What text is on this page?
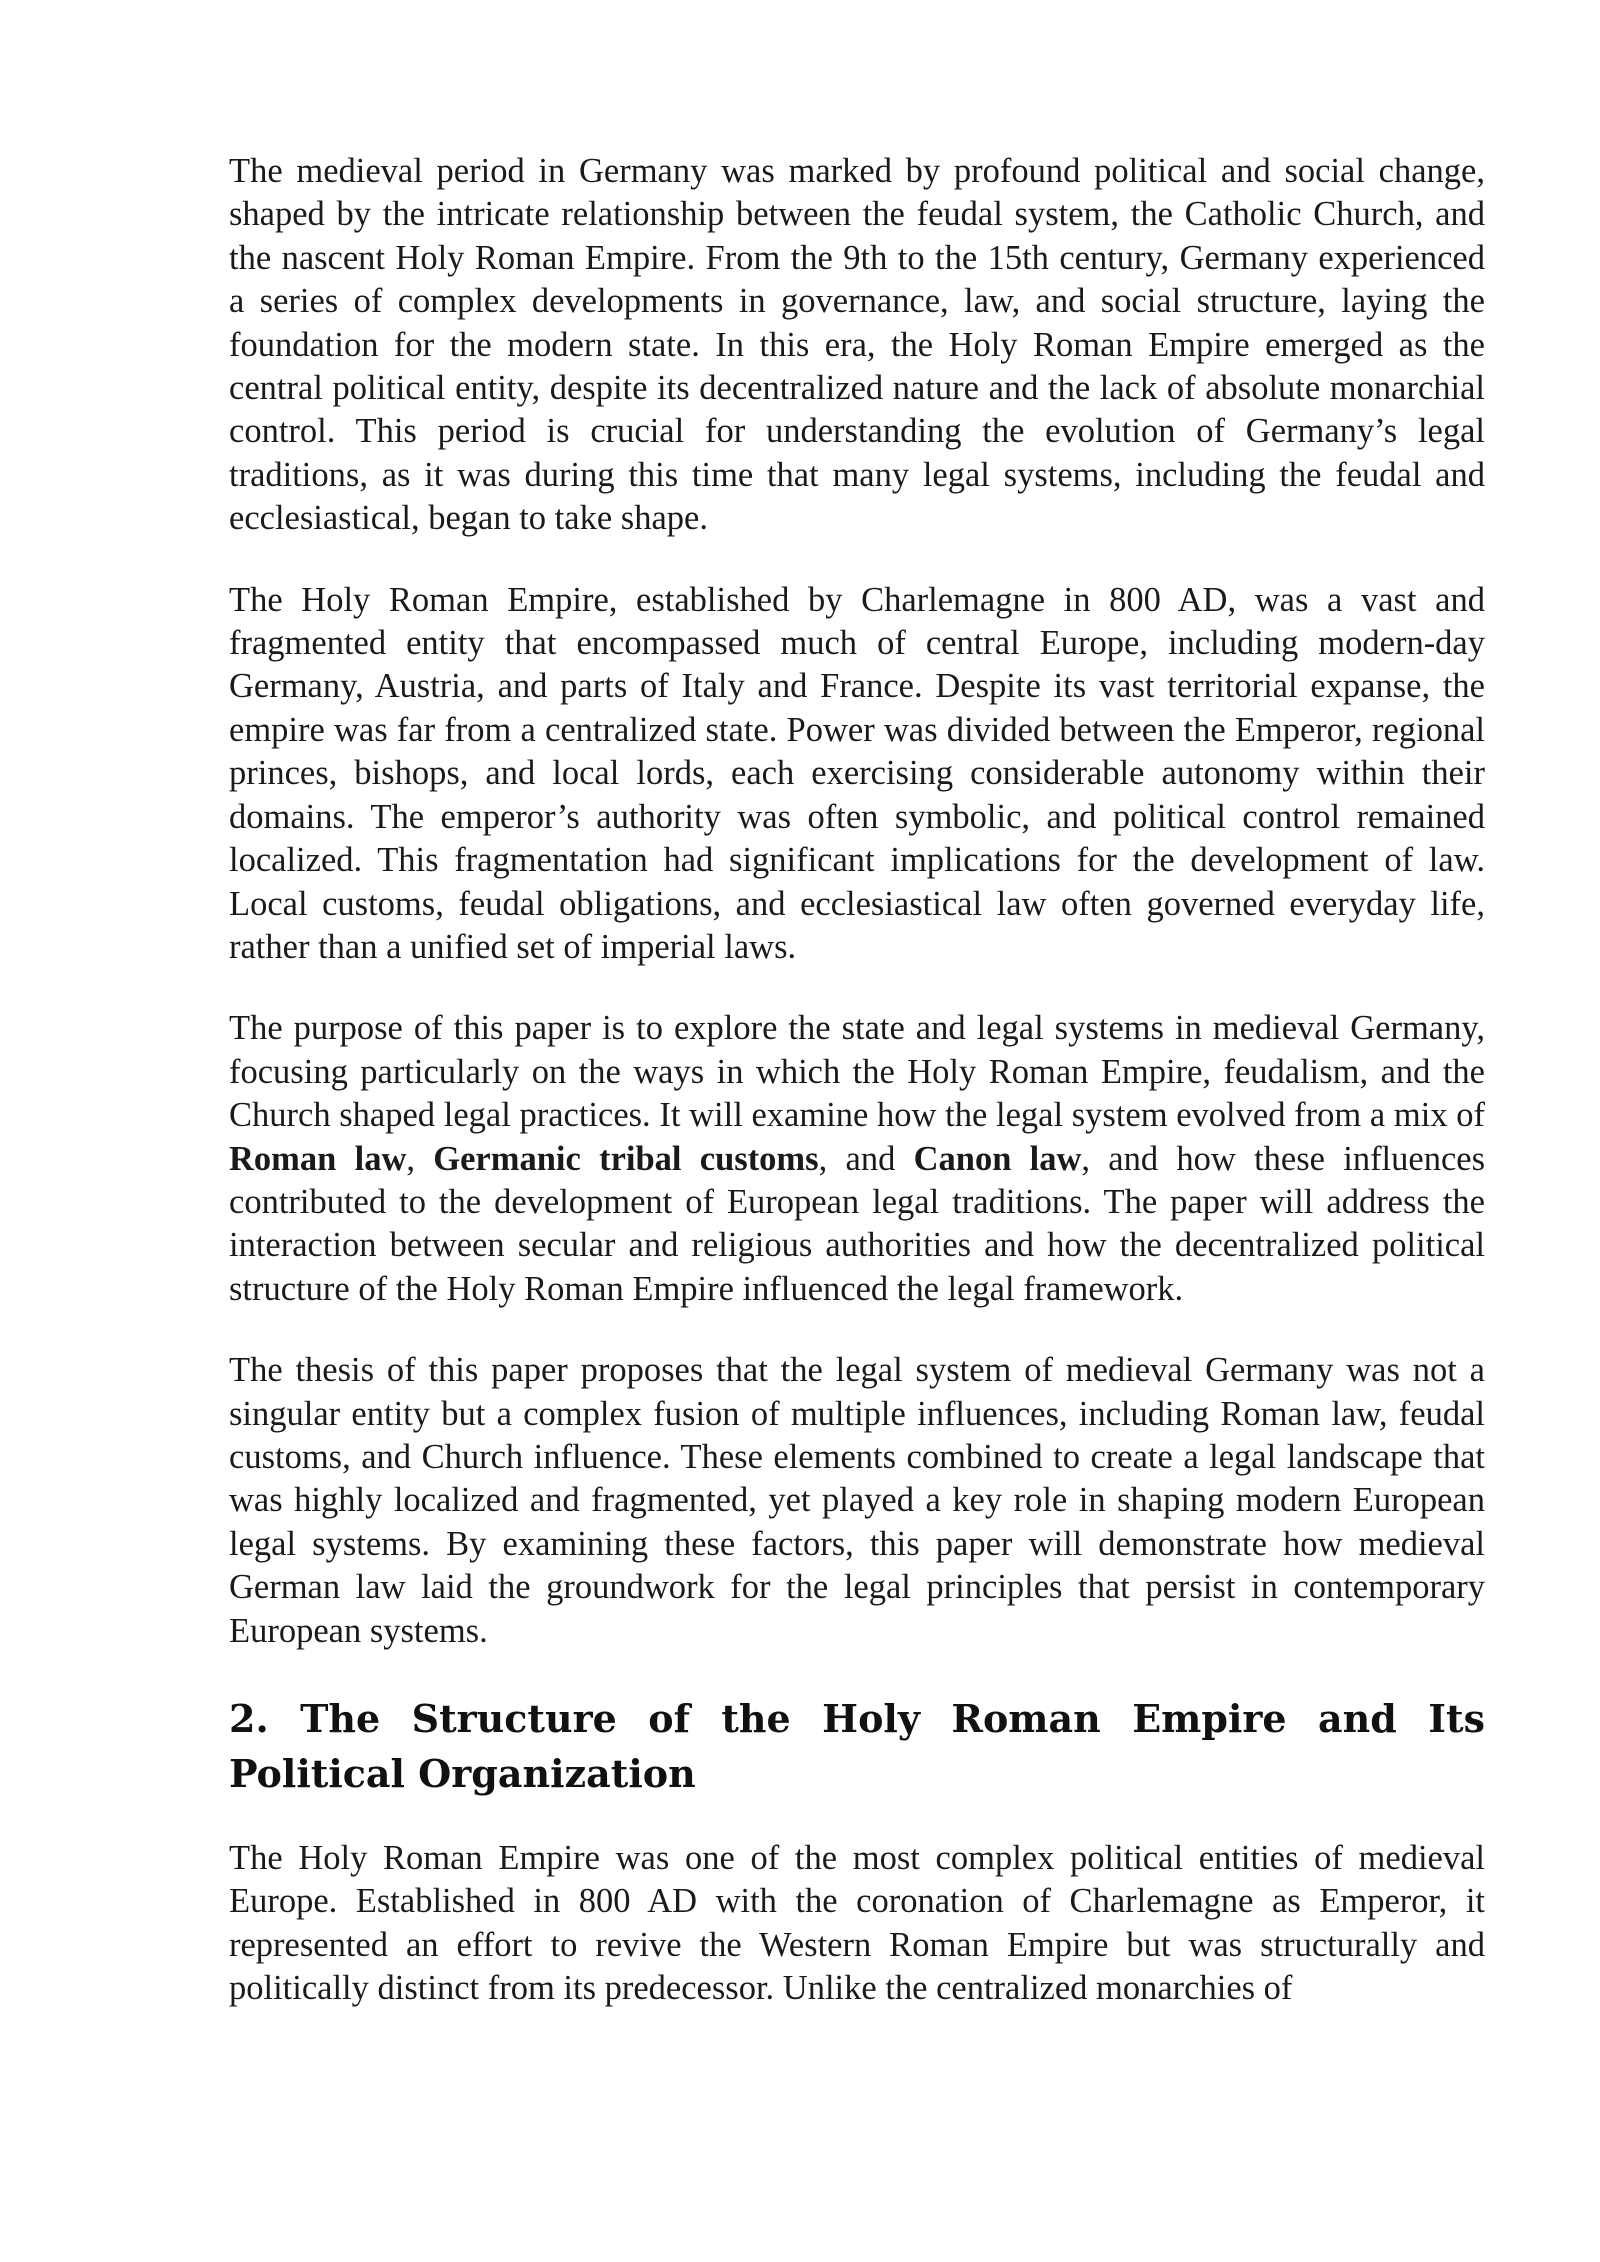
The medieval period in Germany was marked by profound political and social change, shaped by the intricate relationship between the feudal system, the Catholic Church, and the nascent Holy Roman Empire. From the 9th to the 15th century, Germany experienced a series of complex developments in governance, law, and social structure, laying the foundation for the modern state. In this era, the Holy Roman Empire emerged as the central political entity, despite its decentralized nature and the lack of absolute monarchial control. This period is crucial for understanding the evolution of Germany’s legal traditions, as it was during this time that many legal systems, including the feudal and ecclesiastical, began to take shape.

The Holy Roman Empire, established by Charlemagne in 800 AD, was a vast and fragmented entity that encompassed much of central Europe, including modern-day Germany, Austria, and parts of Italy and France. Despite its vast territorial expanse, the empire was far from a centralized state. Power was divided between the Emperor, regional princes, bishops, and local lords, each exercising considerable autonomy within their domains. The emperor’s authority was often symbolic, and political control remained localized. This fragmentation had significant implications for the development of law. Local customs, feudal obligations, and ecclesiastical law often governed everyday life, rather than a unified set of imperial laws.

The purpose of this paper is to explore the state and legal systems in medieval Germany, focusing particularly on the ways in which the Holy Roman Empire, feudalism, and the Church shaped legal practices. It will examine how the legal system evolved from a mix of Roman law, Germanic tribal customs, and Canon law, and how these influences contributed to the development of European legal traditions. The paper will address the interaction between secular and religious authorities and how the decentralized political structure of the Holy Roman Empire influenced the legal framework.

The thesis of this paper proposes that the legal system of medieval Germany was not a singular entity but a complex fusion of multiple influences, including Roman law, feudal customs, and Church influence. These elements combined to create a legal landscape that was highly localized and fragmented, yet played a key role in shaping modern European legal systems. By examining these factors, this paper will demonstrate how medieval German law laid the groundwork for the legal principles that persist in contemporary European systems.

2. The Structure of the Holy Roman Empire and Its Political Organization

The Holy Roman Empire was one of the most complex political entities of medieval Europe. Established in 800 AD with the coronation of Charlemagne as Emperor, it represented an effort to revive the Western Roman Empire but was structurally and politically distinct from its predecessor. Unlike the centralized monarchies of
